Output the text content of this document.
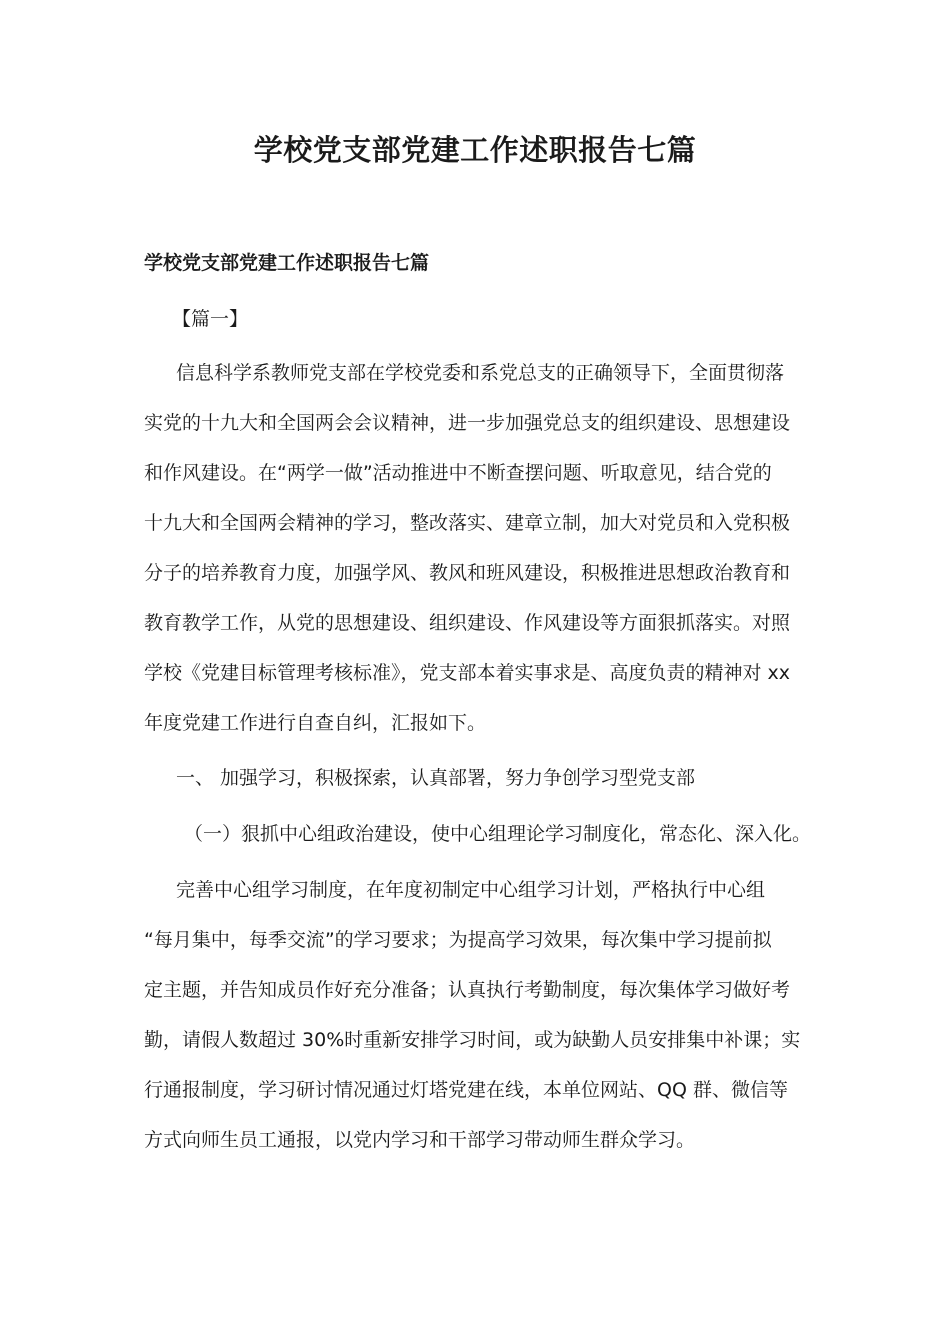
学校党支部党建工作述职报告七篇

学校党支部党建工作述职报告七篇

【篇一】

信息科学系教师党支部在学校党委和系党总支的正确领导下，全面贯彻落

实党的十九大和全国两会会议精神，进一步加强党总支的组织建设、思想建设

和作风建设。在“两学一做”活动推进中不断查摆问题、听取意见，结合党的

十九大和全国两会精神的学习，整改落实、建章立制，加大对党员和入党积极

分子的培养教育力度，加强学风、教风和班风建设，积极推进思想政治教育和

教育教学工作，从党的思想建设、组织建设、作风建设等方面狠抓落实。对照

学校《党建目标管理考核标准》，党支部本着实事求是、高度负责的精神对 xx

年度党建工作进行自查自纠，汇报如下。

一、 加强学习，积极探索，认真部署，努力争创学习型党支部

（一）狠抓中心组政治建设，使中心组理论学习制度化，常态化、深入化。

完善中心组学习制度，在年度初制定中心组学习计划，严格执行中心组

“每月集中，每季交流”的学习要求；为提高学习效果，每次集中学习提前拟

定主题，并告知成员作好充分准备；认真执行考勤制度，每次集体学习做好考

勤，请假人数超过 30%时重新安排学习时间，或为缺勤人员安排集中补课；实

行通报制度，学习研讨情况通过灯塔党建在线，本单位网站、QQ 群、微信等

方式向师生员工通报，以党内学习和干部学习带动师生群众学习。
